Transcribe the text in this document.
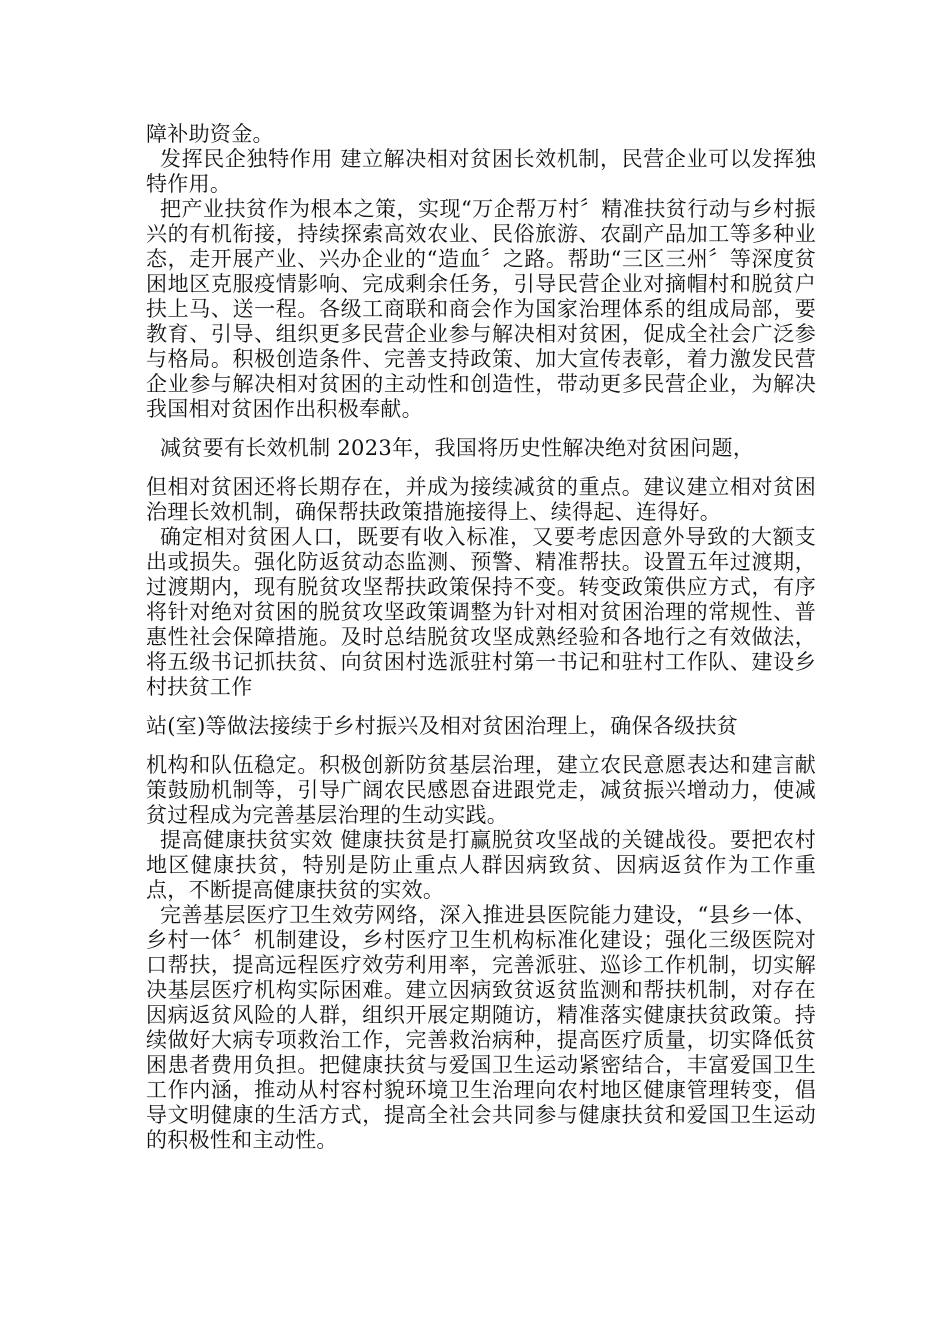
障补助资金。

发挥民企独特作用 建立解决相对贫困长效机制，民营企业可以发挥独特作用。

把产业扶贫作为根本之策，实现“万企帮万村〞精准扶贫行动与乡村振兴的有机衔接，持续探索高效农业、民俗旅游、农副产品加工等多种业态，走开展产业、兴办企业的“造血〞之路。帮助“三区三州〞等深度贫困地区克服疫情影响、完成剩余任务，引导民营企业对摘帽村和脱贫户扶上马、送一程。各级工商联和商会作为国家治理体系的组成局部，要教育、引导、组织更多民营企业参与解决相对贫困，促成全社会广泛参与格局。积极创造条件、完善支持政策、加大宣传表彰，着力激发民营企业参与解决相对贫困的主动性和创造性，带动更多民营企业，为解决我国相对贫困作出积极奉献。

减贫要有长效机制 2023年，我国将历史性解决绝对贫困问题，

但相对贫困还将长期存在，并成为接续减贫的重点。建议建立相对贫困治理长效机制，确保帮扶政策措施接得上、续得起、连得好。

确定相对贫困人口，既要有收入标准，又要考虑因意外导致的大额支出或损失。强化防返贫动态监测、预警、精准帮扶。设置五年过渡期，过渡期内，现有脱贫攻坚帮扶政策保持不变。转变政策供应方式，有序将针对绝对贫困的脱贫攻坚政策调整为针对相对贫困治理的常规性、普惠性社会保障措施。及时总结脱贫攻坚成熟经验和各地行之有效做法，将五级书记抓扶贫、向贫困村选派驻村第一书记和驻村工作队、建设乡村扶贫工作

站(室)等做法接续于乡村振兴及相对贫困治理上，确保各级扶贫

机构和队伍稳定。积极创新防贫基层治理，建立农民意愿表达和建言献策鼓励机制等，引导广阔农民感恩奋进跟党走，减贫振兴增动力，使减贫过程成为完善基层治理的生动实践。

提高健康扶贫实效 健康扶贫是打赢脱贫攻坚战的关键战役。要把农村地区健康扶贫，特别是防止重点人群因病致贫、因病返贫作为工作重点，不断提高健康扶贫的实效。

完善基层医疗卫生效劳网络，深入推进县医院能力建设，“县乡一体、乡村一体〞机制建设，乡村医疗卫生机构标准化建设；强化三级医院对口帮扶，提高远程医疗效劳利用率，完善派驻、巡诊工作机制，切实解决基层医疗机构实际困难。建立因病致贫返贫监测和帮扶机制，对存在因病返贫风险的人群，组织开展定期随访，精准落实健康扶贫政策。持续做好大病专项救治工作，完善救治病种，提高医疗质量，切实降低贫困患者费用负担。把健康扶贫与爱国卫生运动紧密结合，丰富爱国卫生工作内涵，推动从村容村貌环境卫生治理向农村地区健康管理转变，倡导文明健康的生活方式，提高全社会共同参与健康扶贫和爱国卫生运动的积极性和主动性。
